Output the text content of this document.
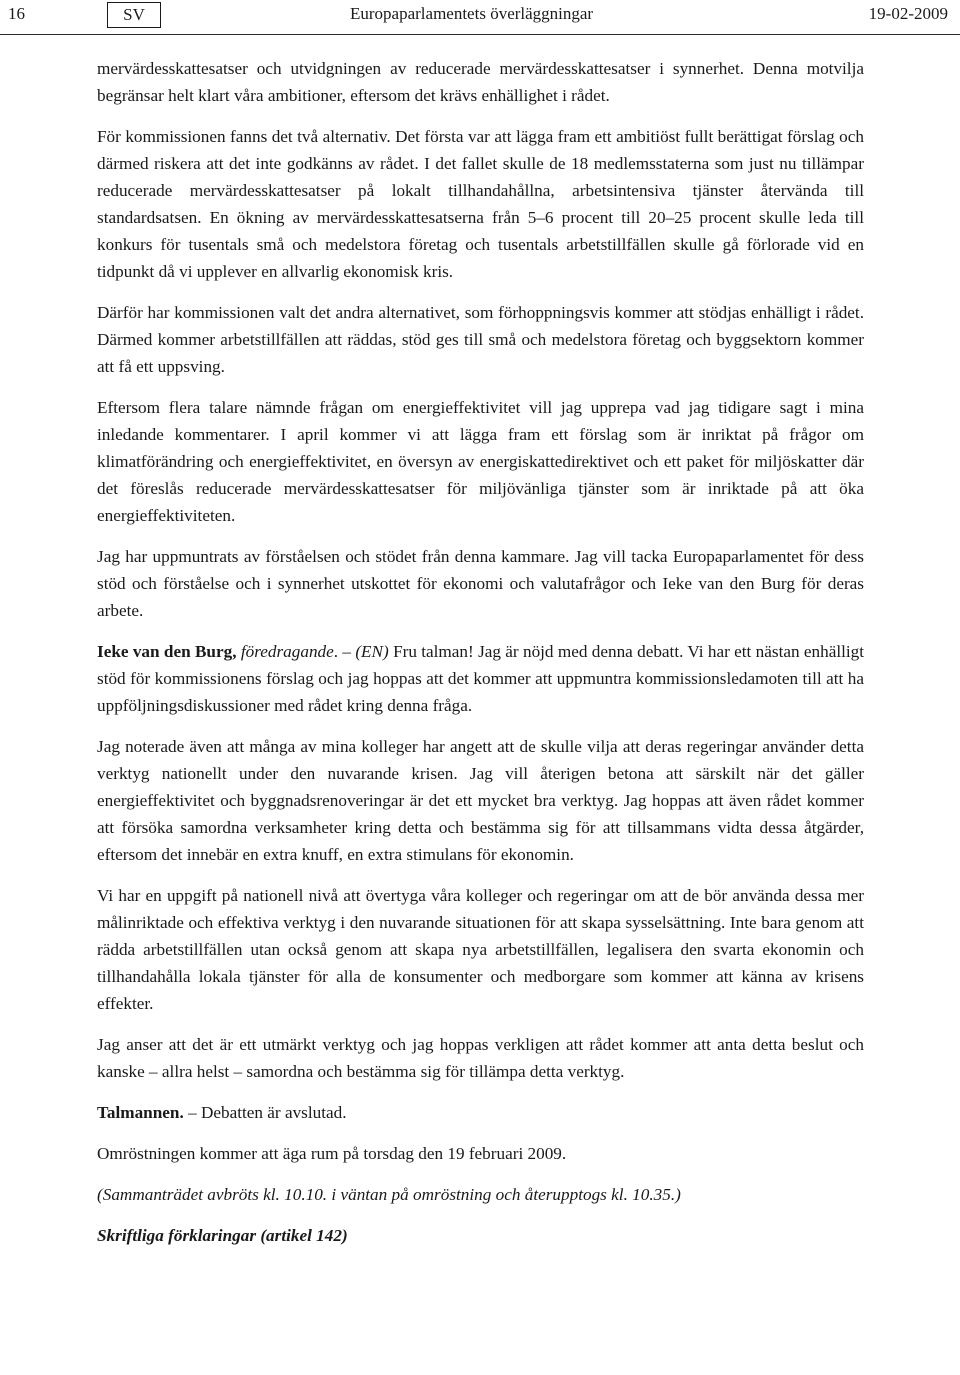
16	SV	Europaparlamentets överläggningar	19-02-2009

mervärdesskattesatser och utvidgningen av reducerade mervärdesskattesatser i synnerhet. Denna motvilja begränsar helt klart våra ambitioner, eftersom det krävs enhällighet i rådet.

För kommissionen fanns det två alternativ. Det första var att lägga fram ett ambitiöst fullt berättigat förslag och därmed riskera att det inte godkänns av rådet. I det fallet skulle de 18 medlemsstaterna som just nu tillämpar reducerade mervärdesskattesatser på lokalt tillhandahållna, arbetsintensiva tjänster återvända till standardsatsen. En ökning av mervärdesskattesatserna från 5–6 procent till 20–25 procent skulle leda till konkurs för tusentals små och medelstora företag och tusentals arbetstillfällen skulle gå förlorade vid en tidpunkt då vi upplever en allvarlig ekonomisk kris.

Därför har kommissionen valt det andra alternativet, som förhoppningsvis kommer att stödjas enhälligt i rådet. Därmed kommer arbetstillfällen att räddas, stöd ges till små och medelstora företag och byggsektorn kommer att få ett uppsving.

Eftersom flera talare nämnde frågan om energieffektivitet vill jag upprepa vad jag tidigare sagt i mina inledande kommentarer. I april kommer vi att lägga fram ett förslag som är inriktat på frågor om klimatförändring och energieffektivitet, en översyn av energiskattedirektivet och ett paket för miljöskatter där det föreslås reducerade mervärdesskattesatser för miljövänliga tjänster som är inriktade på att öka energieffektiviteten.

Jag har uppmuntrats av förståelsen och stödet från denna kammare. Jag vill tacka Europaparlamentet för dess stöd och förståelse och i synnerhet utskottet för ekonomi och valutafrågor och Ieke van den Burg för deras arbete.

Ieke van den Burg, föredragande. – (EN) Fru talman! Jag är nöjd med denna debatt. Vi har ett nästan enhälligt stöd för kommissionens förslag och jag hoppas att det kommer att uppmuntra kommissionsledamoten till att ha uppföljningsdiskussioner med rådet kring denna fråga.

Jag noterade även att många av mina kolleger har angett att de skulle vilja att deras regeringar använder detta verktyg nationellt under den nuvarande krisen. Jag vill återigen betona att särskilt när det gäller energieffektivitet och byggnadsrenoveringar är det ett mycket bra verktyg. Jag hoppas att även rådet kommer att försöka samordna verksamheter kring detta och bestämma sig för att tillsammans vidta dessa åtgärder, eftersom det innebär en extra knuff, en extra stimulans för ekonomin.

Vi har en uppgift på nationell nivå att övertyga våra kolleger och regeringar om att de bör använda dessa mer målinriktade och effektiva verktyg i den nuvarande situationen för att skapa sysselsättning. Inte bara genom att rädda arbetstillfällen utan också genom att skapa nya arbetstillfällen, legalisera den svarta ekonomin och tillhandahålla lokala tjänster för alla de konsumenter och medborgare som kommer att känna av krisens effekter.

Jag anser att det är ett utmärkt verktyg och jag hoppas verkligen att rådet kommer att anta detta beslut och kanske – allra helst – samordna och bestämma sig för tillämpa detta verktyg.

Talmannen. – Debatten är avslutad.

Omröstningen kommer att äga rum på torsdag den 19 februari 2009.

(Sammanträdet avbröts kl. 10.10. i väntan på omröstning och återupptogs kl. 10.35.)

Skriftliga förklaringar (artikel 142)
